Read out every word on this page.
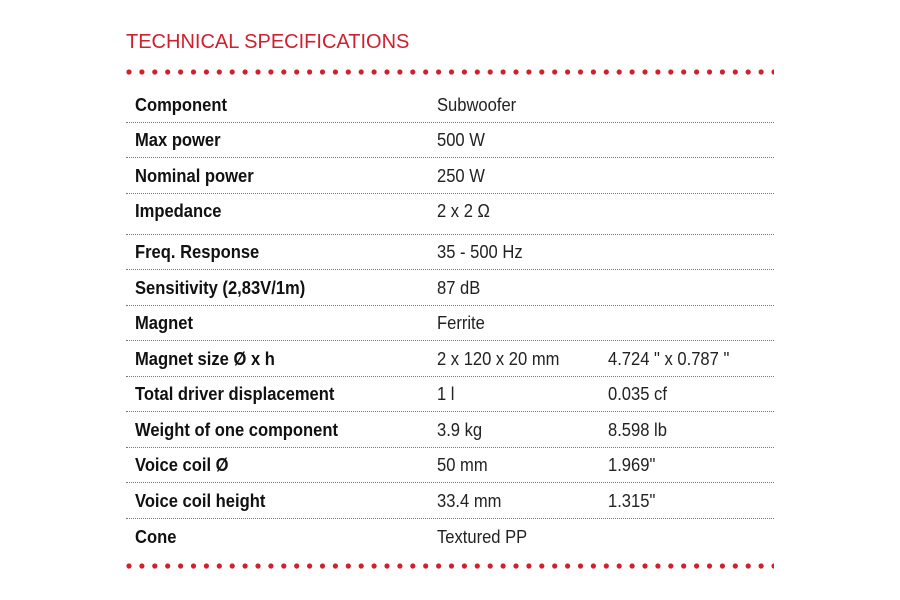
TECHNICAL SPECIFICATIONS
Component	Subwoofer
Max power	500 W
Nominal power	250 W
Impedance	2 x 2 Ω
Freq. Response	35 - 500 Hz
Sensitivity (2,83V/1m)	87 dB
Magnet	Ferrite
Magnet size Ø x h	2 x 120 x 20 mm	4.724 ʺ x 0.787 ʺ
Total driver displacement	1 l	0.035 cf
Weight of one component	3.9 kg	8.598 lb
Voice coil Ø	50 mm	1.969ʺ
Voice coil height	33.4 mm	1.315ʺ
Cone	Textured PP
